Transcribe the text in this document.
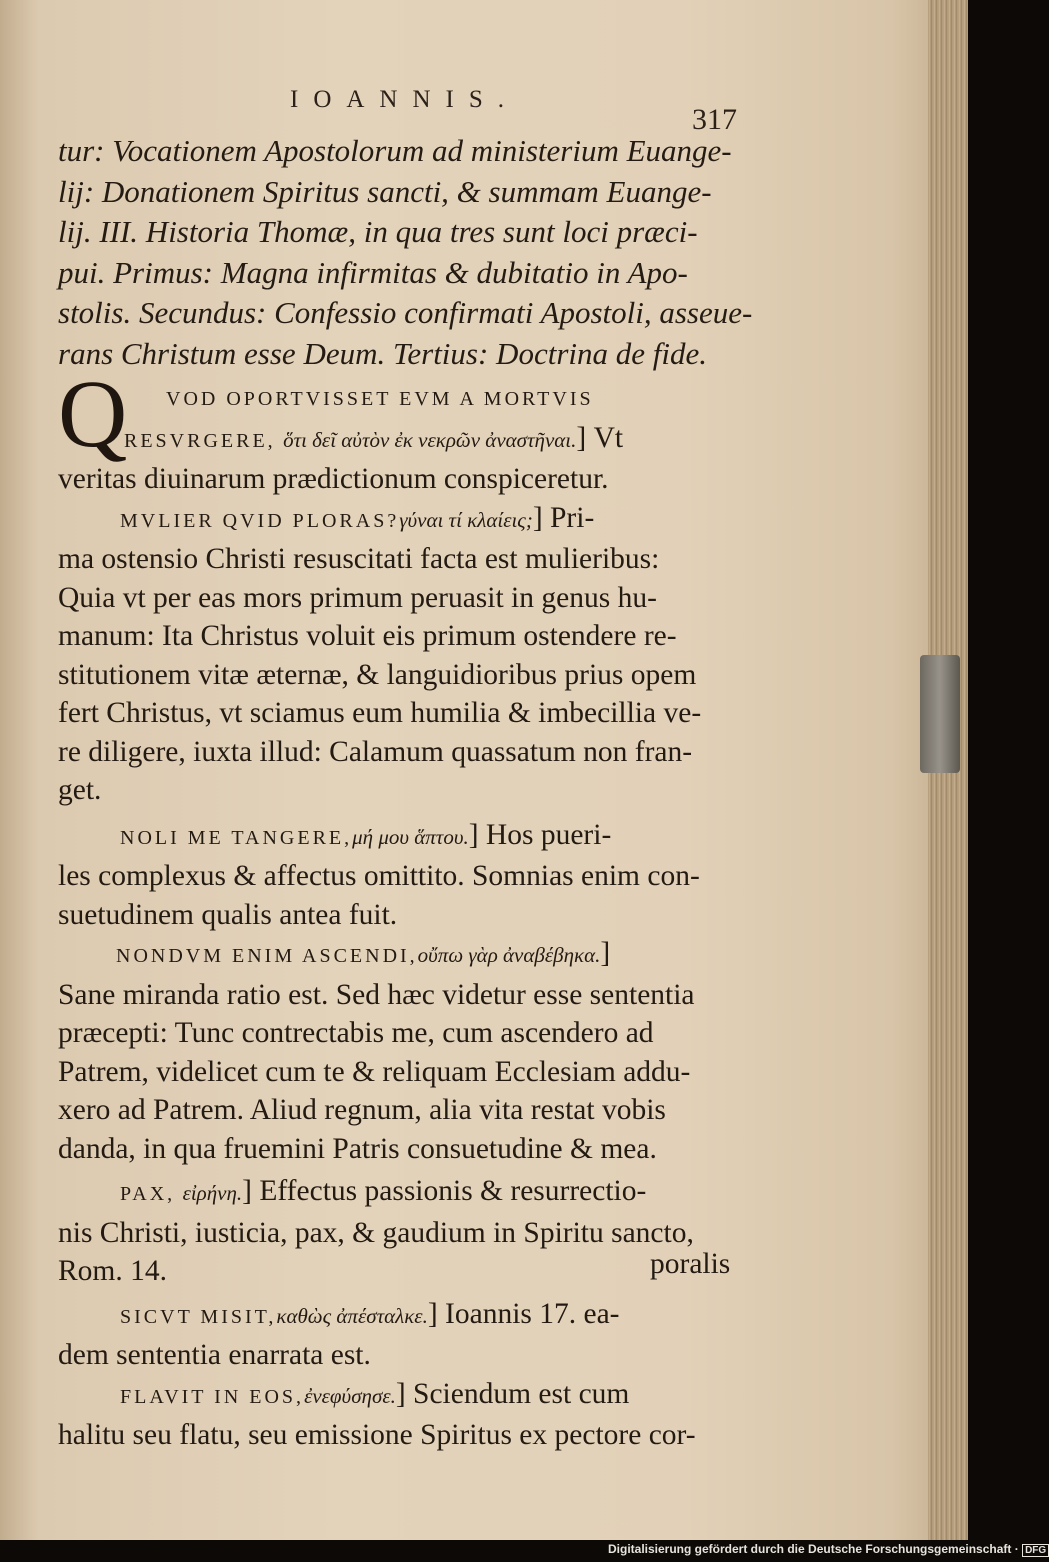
IOANNIS.
317
tur: Vocationem Apostolorum ad ministerium Euange-
lij: Donationem Spiritus sancti, & summam Euange-
lij. III. Historia Thomæ, in qua tres sunt loci præci-
pui. Primus: Magna infirmitas & dubitatio in Apo-
stolis. Secundus: Confessio confirmati Apostoli, asseue-
rans Christum esse Deum. Tertius: Doctrina de fide.
Q	VOD OPORTVISSET EVM A MORTVIS
RESVRGERE, ὅτι δεῖ αὐτὸν ἐκ νεκρῶν ἀναστῆναι.] Vt
veritas diuinarum prædictionum conspiceretur.
MVLIER QVID PLORAS?γύναι τί κλαίεις;] Pri-
ma ostensio Christi resuscitati facta est mulieribus:
Quia vt per eas mors primum peruasit in genus hu-
manum: Ita Christus voluit eis primum ostendere re-
stitutionem vitæ æternæ, & languidioribus prius opem
fert Christus, vt sciamus eum humilia & imbecillia ve-
re diligere, iuxta illud: Calamum quassatum non fran-
get.
NOLI ME TANGERE,μή μου ἅπτου.] Hos pueri-
les complexus & affectus omittito. Somnias enim con-
suetudinem qualis antea fuit.
NONDVM ENIM ASCENDI,οὔπω γὰρ ἀναβέβηκα.]
Sane miranda ratio est. Sed hæc videtur esse sententia
præcepti: Tunc contrectabis me, cum ascendero ad
Patrem, videlicet cum te & reliquam Ecclesiam addu-
xero ad Patrem. Aliud regnum, alia vita restat vobis
danda, in qua fruemini Patris consuetudine & mea.
PAX, εἰρήνη.] Effectus passionis & resurrectio-
nis Christi, iusticia, pax, & gaudium in Spiritu sancto,
Rom. 14.
SICVT MISIT,καθὼς ἀπέσταλκε.] Ioannis 17. ea-
dem sententia enarrata est.
FLAVIT IN EOS,ἐνεφύσησε.] Sciendum est cum
halitu seu flatu, seu emissione Spiritus ex pectore cor-
poralis
Digitalisierung gefördert durch die Deutsche Forschungsgemeinschaft · DFG
